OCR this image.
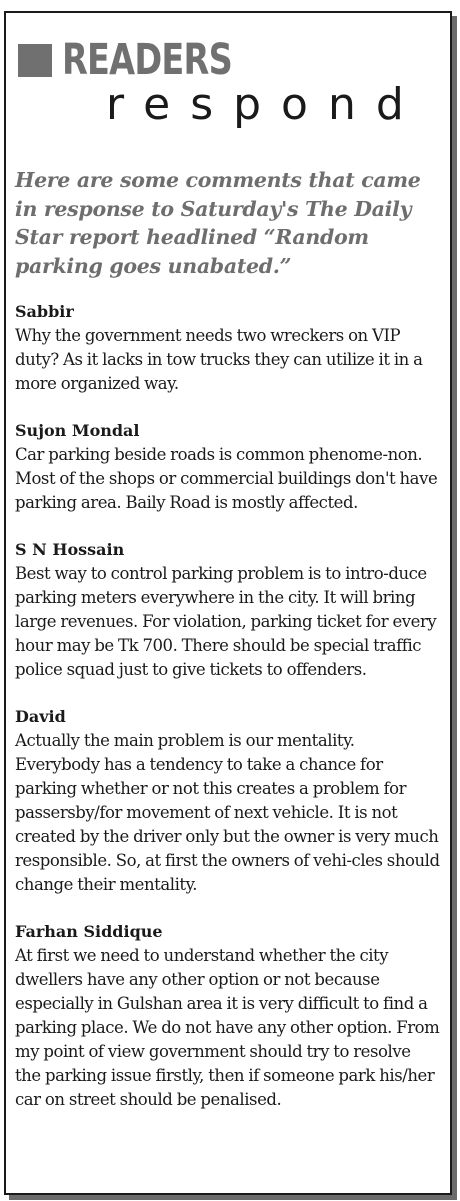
READERS
respond
Here are some comments that came in response to Saturday's The Daily Star report headlined “Random parking goes unabated.”

Sabbir

Why the government needs two wreckers on VIP duty? As it lacks in tow trucks they can utilize it in a more organized way.

Sujon Mondal

Car parking beside roads is common phenome-non. Most of the shops or commercial buildings don't have parking area. Baily Road is mostly affected.

S N Hossain

Best way to control parking problem is to intro-duce parking meters everywhere in the city. It will bring large revenues. For violation, parking ticket for every hour may be Tk 700. There should be special traffic police squad just to give tickets to offenders.

David

Actually the main problem is our mentality. Everybody has a tendency to take a chance for parking whether or not this creates a problem for passersby/for movement of next vehicle. It is not created by the driver only but the owner is very much responsible. So, at first the owners of vehi-cles should change their mentality.

Farhan Siddique

At first we need to understand whether the city dwellers have any other option or not because especially in Gulshan area it is very difficult to find a parking place. We do not have any other option. From my point of view government should try to resolve the parking issue firstly, then if someone park his/her car on street should be penalised.
